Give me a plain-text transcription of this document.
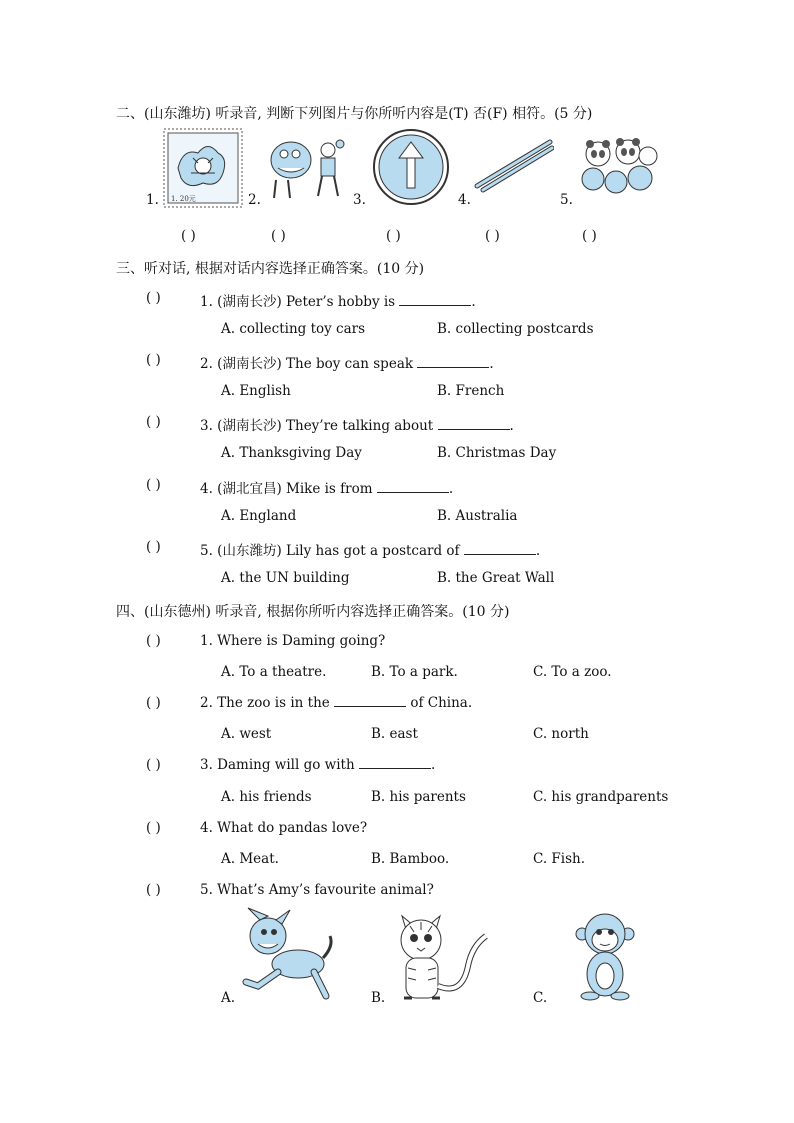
二、(山东潍坊) 听录音, 判断下列图片与你所听内容是(T) 否(F) 相符。(5 分)
1. 1. 20元	2.	3.	4.	5.
( )	( )	( )	( )	( )
三、听对话, 根据对话内容选择正确答案。(10 分)
( )	1. (湖南长沙) Peter’s hobby is	.
A. collecting toy cars	B. collecting postcards
( )	2. (湖南长沙) The boy can speak	.
A. English	B. French
( )	3. (湖南长沙) They’re talking about	.
A. Thanksgiving Day	B. Christmas Day
( )	4. (湖北宜昌) Mike is from	.
A. England	B. Australia
( )	5. (山东潍坊) Lily has got a postcard of	.
A. the UN building	B. the Great Wall
四、(山东德州) 听录音, 根据你所听内容选择正确答案。(10 分)
( )	1. Where is Daming going?
A. To a theatre.	B. To a park.	C. To a zoo.
( )	2. The zoo is in the	of China.
A. west	B. east	C. north
( )	3. Daming will go with	.
A. his friends	B. his parents	C. his grandparents
( )	4. What do pandas love?
A. Meat.	B. Bamboo.	C. Fish.
( )	5. What’s Amy’s favourite animal?
A.	B.	C.
